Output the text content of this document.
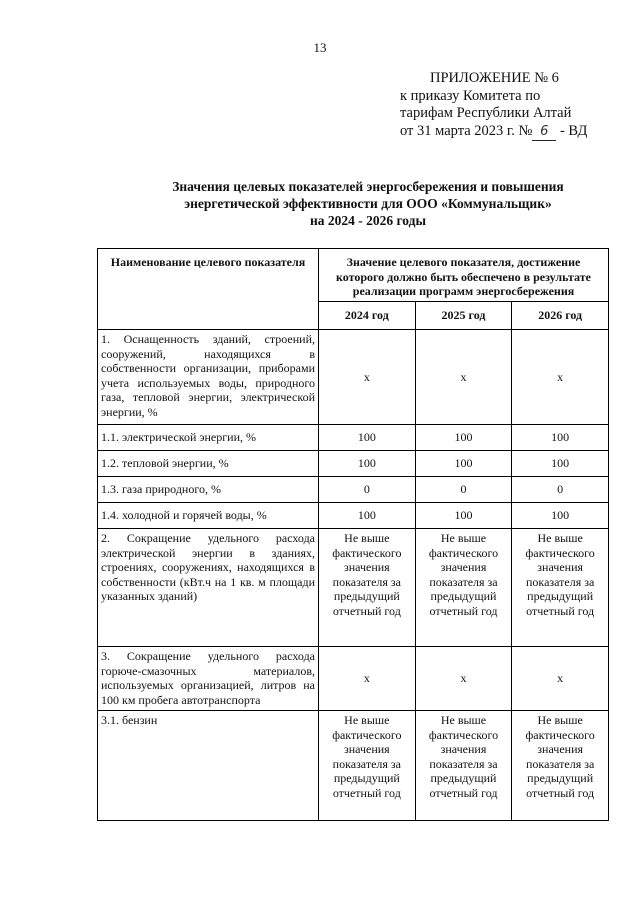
13
ПРИЛОЖЕНИЕ № 6
к приказу Комитета по
тарифам Республики Алтай
от 31 марта 2023 г. № 6 - ВД
Значения целевых показателей энергосбережения и повышения
энергетической эффективности для ООО «Коммунальщик»
на 2024 - 2026 годы
Наименование целевого показателя	Значение целевого показателя, достижение которого должно быть обеспечено в результате реализации программ энергосбережения		
	2024 год	2025 год	2026 год
1. Оснащенность зданий, строений, сооружений, находящихся в собственности организации, приборами учета используемых воды, природного газа, тепловой энергии, электрической энергии, %	х	х	х
1.1. электрической энергии, %	100	100	100
1.2. тепловой энергии, %	100	100	100
1.3. газа природного, %	0	0	0
1.4. холодной и горячей воды, %	100	100	100
2. Сокращение удельного расхода электрической энергии в зданиях, строениях, сооружениях, находящихся в собственности (кВт.ч на 1 кв. м площади указанных зданий)	Не выше фактического значения показателя за предыдущий отчетный год	Не выше фактического значения показателя за предыдущий отчетный год	Не выше фактического значения показателя за предыдущий отчетный год
3. Сокращение удельного расхода горюче-смазочных материалов, используемых организацией, литров на 100 км пробега автотранспорта	х	х	х
3.1. бензин	Не выше фактического значения показателя за предыдущий отчетный год	Не выше фактического значения показателя за предыдущий отчетный год	Не выше фактического значения показателя за предыдущий отчетный год
